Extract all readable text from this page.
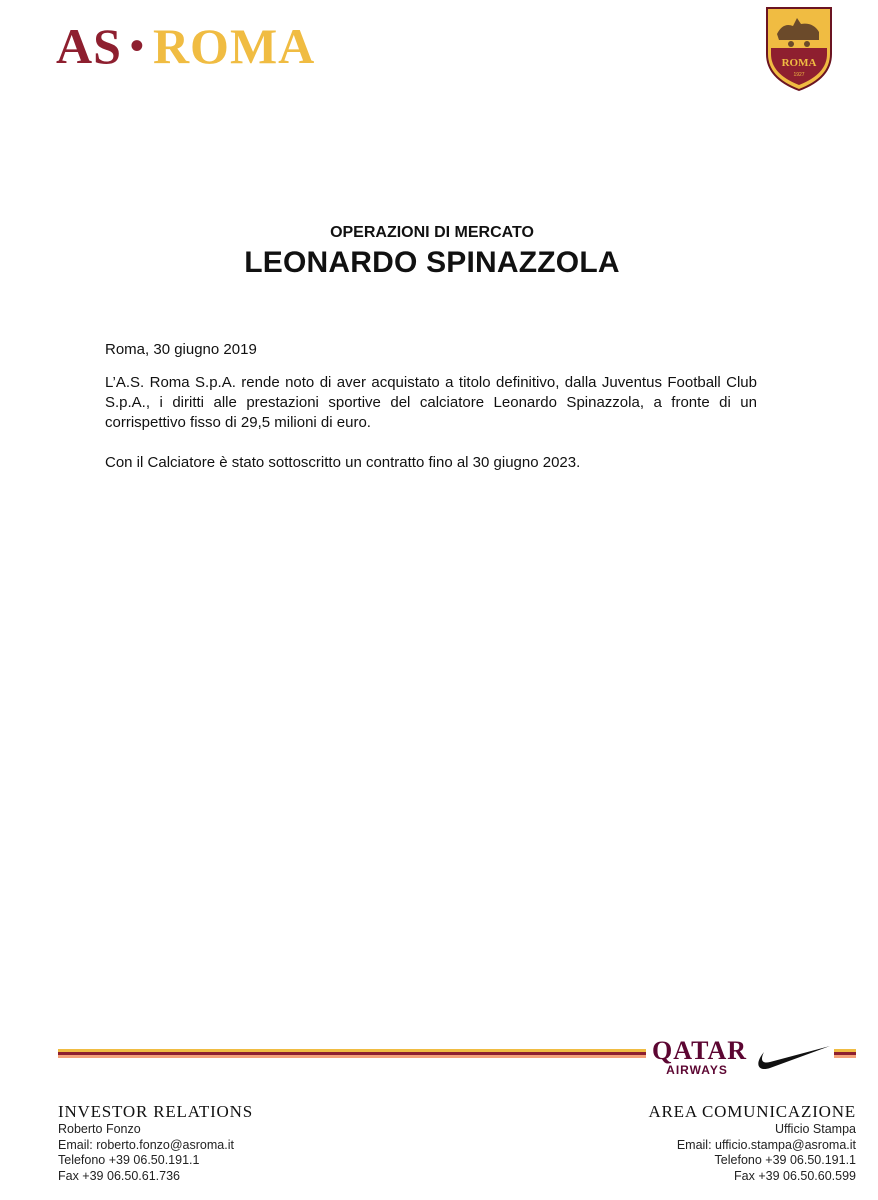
AS • ROMA	ROMA
1927
OPERAZIONI DI MERCATO
LEONARDO SPINAZZOLA
Roma, 30 giugno 2019
L’A.S. Roma S.p.A. rende noto di aver acquistato a titolo definitivo, dalla Juventus Football Club S.p.A., i diritti alle prestazioni sportive del calciatore Leonardo Spinazzola, a fronte di un corrispettivo fisso di 29,5 milioni di euro.
Con il Calciatore è stato sottoscritto un contratto fino al 30 giugno 2023.
QATAR
AIRWAYS
INVESTOR RELATIONS
Roberto Fonzo
Email: roberto.fonzo@asroma.it
Telefono +39 06.50.191.1
Fax +39 06.50.61.736
AREA COMUNICAZIONE
Ufficio Stampa
Email: ufficio.stampa@asroma.it
Telefono +39 06.50.191.1
Fax +39 06.50.60.599
